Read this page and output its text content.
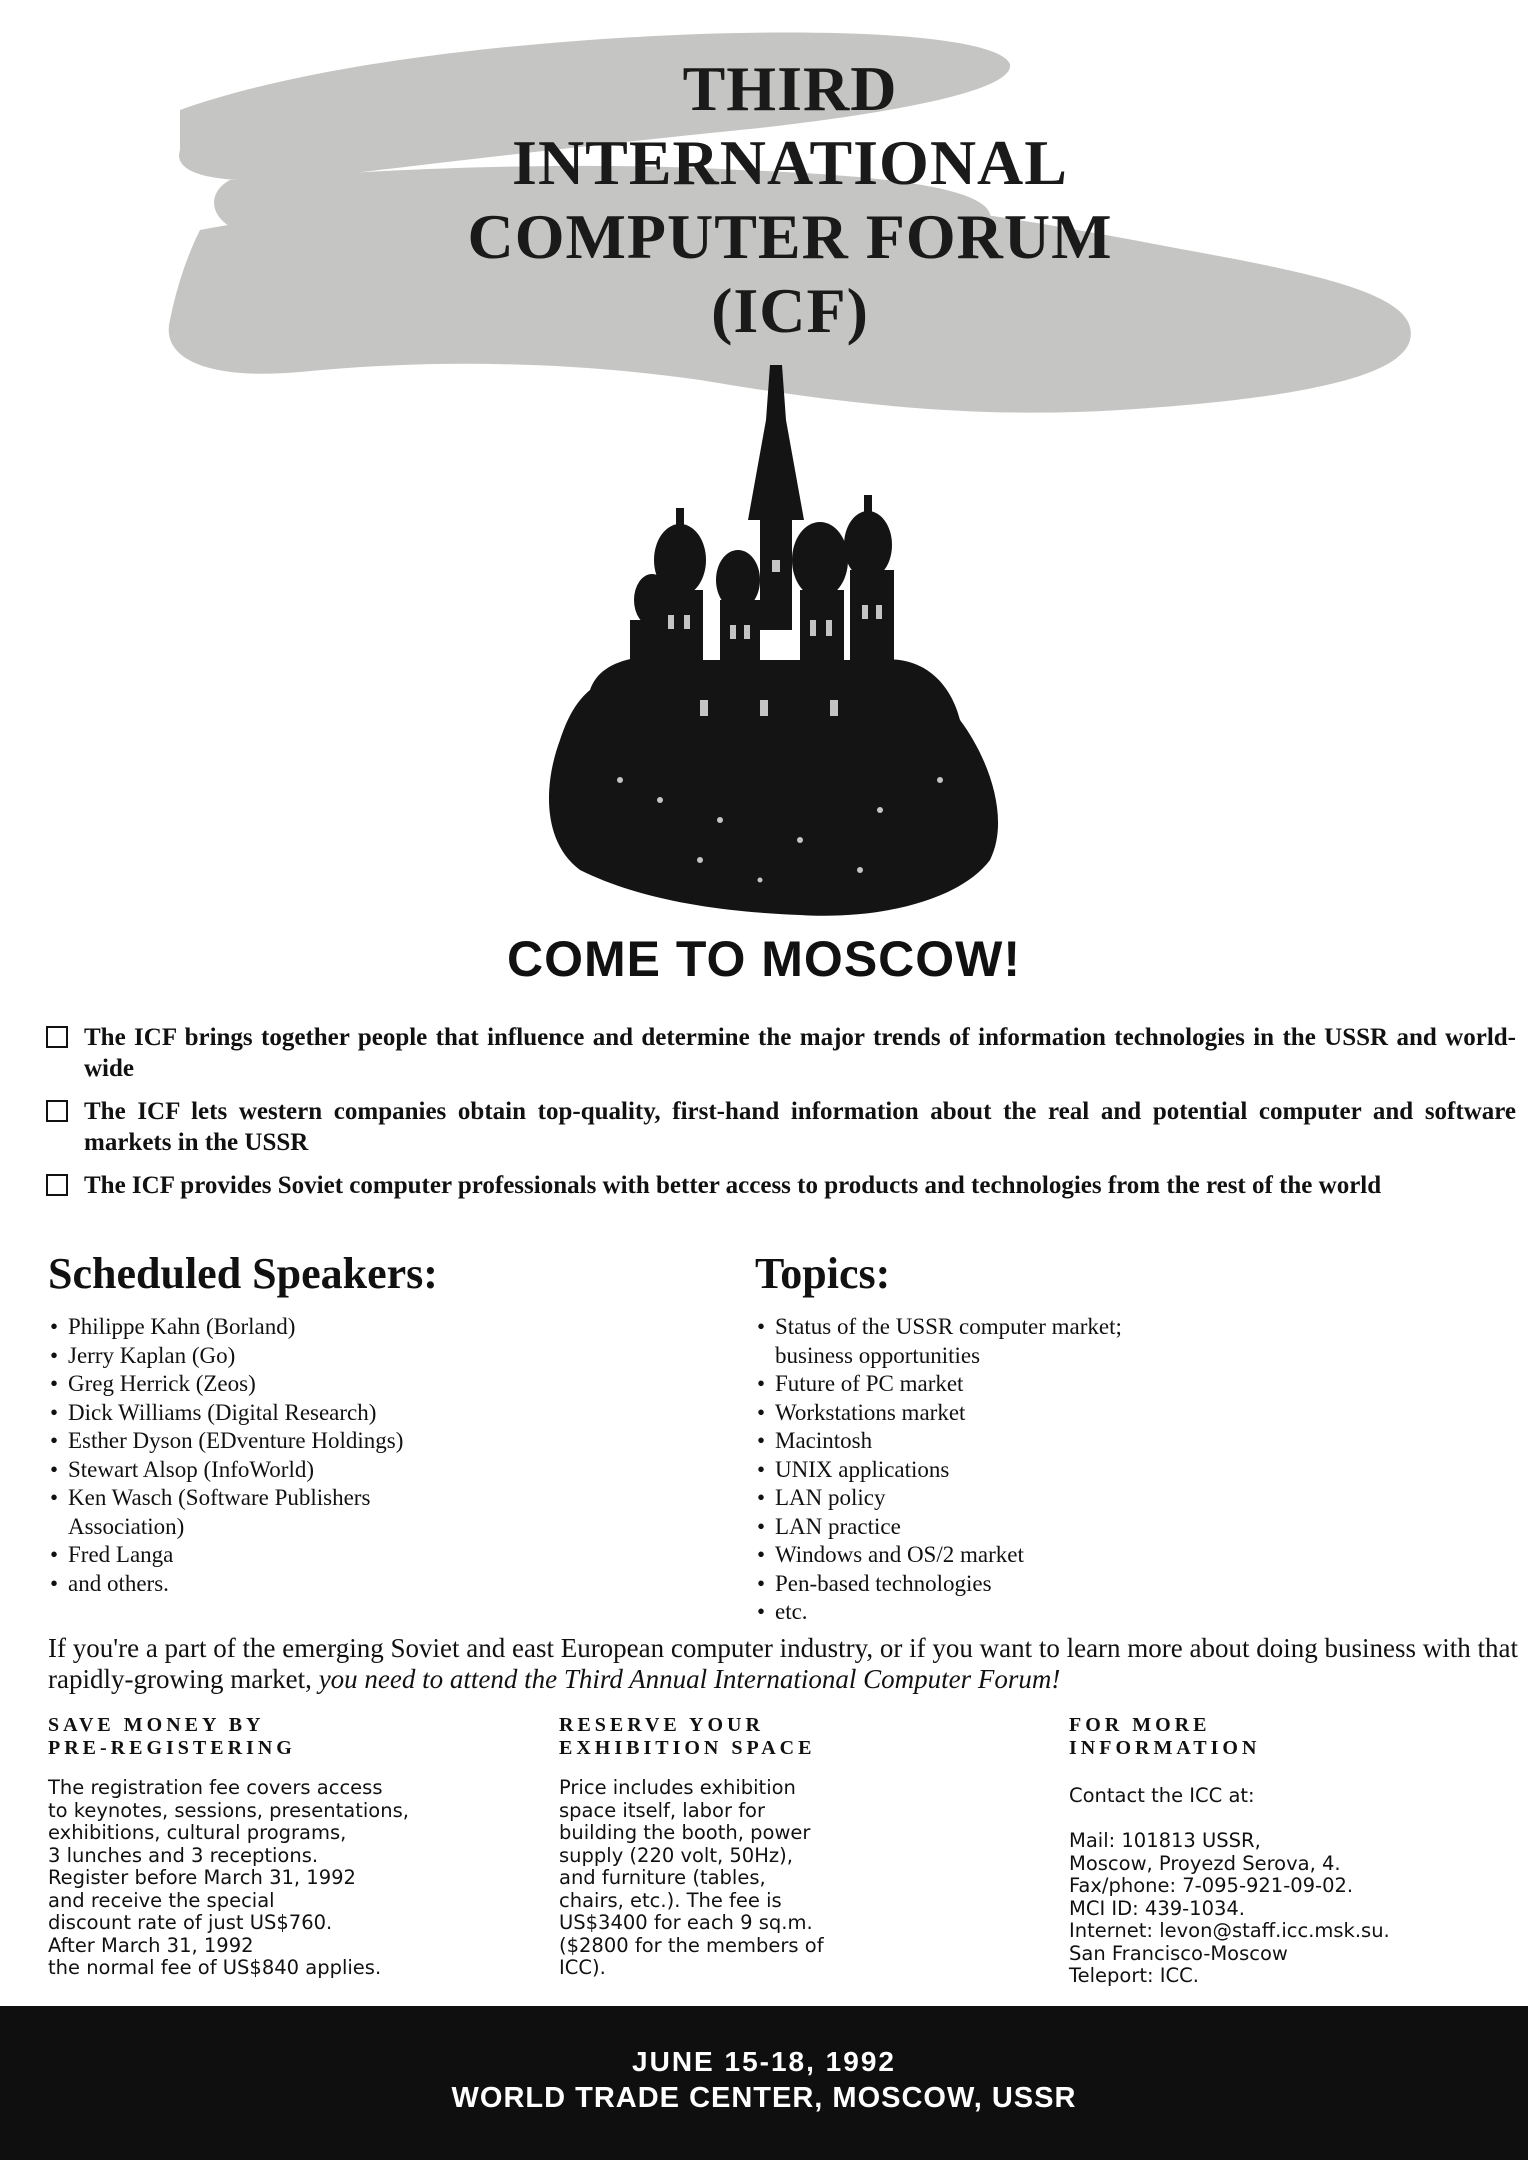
THIRD
INTERNATIONAL
COMPUTER FORUM
(ICF)
COME TO MOSCOW!
The ICF brings together people that influence and determine the major trends of information technologies in the USSR and world-wide
The ICF lets western companies obtain top-quality, first-hand information about the real and potential computer and software markets in the USSR
The ICF provides Soviet computer professionals with better access to products and technologies from the rest of the world
Scheduled Speakers:	Topics:
• Philippe Kahn (Borland)
• Jerry Kaplan (Go)
• Greg Herrick (Zeos)
• Dick Williams (Digital Research)
• Esther Dyson (EDventure Holdings)
• Stewart Alsop (InfoWorld)
• Ken Wasch (Software Publishers Association)
• Fred Langa
• and others.
• Status of the USSR computer market; business opportunities
• Future of PC market
• Workstations market
• Macintosh
• UNIX applications
• LAN policy
• LAN practice
• Windows and OS/2 market
• Pen-based technologies
• etc.
If you're a part of the emerging Soviet and east European computer industry, or if you want to learn more about doing business with that rapidly-growing market, you need to attend the Third Annual International Computer Forum!
SAVE MONEY BY
PRE-REGISTERING
The registration fee covers access
to keynotes, sessions, presentations,
exhibitions, cultural programs,
3 lunches and 3 receptions.
Register before March 31, 1992
and receive the special
discount rate of just US$760.
After March 31, 1992
the normal fee of US$840 applies.
RESERVE YOUR
EXHIBITION SPACE
Price includes exhibition
space itself, labor for
building the booth, power
supply (220 volt, 50Hz),
and furniture (tables,
chairs, etc.). The fee is
US$3400 for each 9 sq.m.
($2800 for the members of
ICC).
FOR MORE
INFORMATION
Contact the ICC at:

Mail: 101813 USSR,
Moscow, Proyezd Serova, 4.
Fax/phone: 7-095-921-09-02.
MCI ID: 439-1034.
Internet: levon@staff.icc.msk.su.
San Francisco-Moscow
Teleport: ICC.
JUNE 15-18, 1992
WORLD TRADE CENTER, MOSCOW, USSR
